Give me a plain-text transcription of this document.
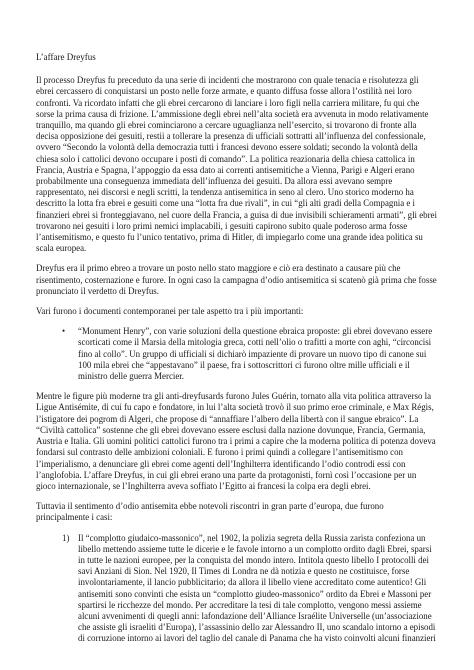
L’affare Dreyfus

Il processo Dreyfus fu preceduto da una serie di incidenti che mostrarono con quale tenacia e risolutezza gli ebrei cercassero di conquistarsi un posto nelle forze armate, e quanto diffusa fosse allora l’ostilità nei loro confronti. Va ricordato infatti che gli ebrei cercarono di lanciare i loro figli nella carriera militare, fu qui che sorse la prima causa di frizione. L’ammissione degli ebrei nell’alta società era avvenuta in modo relativamente tranquillo, ma quando gli ebrei cominciarono a cercare uguaglianza nell’esercito, si trovarono di fronte alla decisa opposizione dei gesuiti, restii a tollerare la presenza di ufficiali sottratti all’influenza del confessionale, ovvero “Secondo la volontà della democrazia tutti i francesi devono essere soldati; secondo la volontà della chiesa solo i cattolici devono occupare i posti di comando”. La politica reazionaria della chiesa cattolica in Francia, Austria e Spagna, l’appoggio da essa dato ai correnti antisemitiche a Vienna, Parigi e Algeri erano probabilmente una conseguenza immediata dell’influenza dei gesuiti. Da allora essi avevano sempre rappresentato, nei discorsi e negli scritti, la tendenza antisemitica in seno al clero. Uno storico moderno ha descritto la lotta fra ebrei e gesuiti come una “lotta fra due rivali”, in cui “gli alti gradi della Compagnia e i finanzieri ebrei si fronteggiavano, nel cuore della Francia, a guisa di due invisibili schieramenti armati”, gli ebrei trovarono nei gesuiti i loro primi nemici implacabili, i gesuiti capirono subito quale poderoso arma fosse l’antisemitismo, e questo fu l’unico tentativo, prima di Hitler, di impiegarlo come una grande idea politica su scala europea.

Dreyfus era il primo ebreo a trovare un posto nello stato maggiore e ciò era destinato a causare più che risentimento, costernazione e furore. In ogni caso la campagna d’odio antisemitica si scatenò già prima che fosse pronunciato il verdetto di Dreyfus.

Vari furono i documenti contemporanei per tale aspetto tra i più importanti:

• “Monument Henry”, con varie soluzioni della questione ebraica proposte: gli ebrei dovevano essere scorticati come il Marsia della mitologia greca, cotti nell’olio o trafitti a morte con aghi, “circoncisi fino al collo”. Un gruppo di ufficiali si dichiarò impaziente di provare un nuovo tipo di canone sui 100 mila ebrei che “appestavano” il paese, fra i sottoscrittori ci furono oltre mille ufficiali e il ministro delle guerra Mercier.

Mentre le figure più moderne tra gli anti-dreyfusards furono Jules Guérin, tornato alla vita politica attraverso la Ligue Antisémite, di cui fu capo e fondatore, in lui l’alta società trovò il suo primo eroe criminale, e Max Régis, l’istigatore dei pogrom di Algeri, che propose di “annaffiare l’albero della libertà con il sangue ebraico”. La “Civiltà cattolica” sostenne che gli ebrei dovevano essere esclusi dalla nazione dovunque, Francia, Germania, Austria e Italia. Gli uomini politici cattolici furono tra i primi a capire che la moderna politica di potenza doveva fondarsi sul contrasto delle ambizioni coloniali. E furono i primi quindi a collegare l’antisemitismo con l’imperialismo, a denunciare gli ebrei come agenti dell’Inghilterra identificando l’odio controdi essi con l’anglofobia. L’affare Dreyfus, in cui gli ebrei erano una parte da protagonisti, fornì così l’occasione per un gioco internazionale, se l’Inghilterra aveva soffiato l’Egitto ai francesi la colpa era degli ebrei.

Tuttavia il sentimento d’odio antisemita ebbe notevoli riscontri in gran parte d’europa, due furono principalmente i casi:

1) Il “complotto giudaico-massonico”, nel 1902, la polizia segreta della Russia zarista confeziona un libello mettendo assieme tutte le dicerie e le favole intorno a un complotto ordito dagli Ebrei, sparsi in tutte le nazioni europee, per la conquista del mondo intero. Intitola questo libello I protocolli dei savi Anziani di Sion. Nel 1920, Il Times di Londra ne dà notizia e questo ne costituisce, forse involontariamente, il lancio pubblicitario; da allora il libello viene accreditato come autentico! Gli antisemiti sono convinti che esista un “complotto giudeo-massonico” ordito da Ebrei e Massoni per spartirsi le ricchezze del mondo. Per accreditare la tesi di tale complotto, vengono messi assieme alcuni avvenimenti di quegli anni: lafondazione dell’Alliance Israélite Universelle (un’associazione che assiste gli israeliti d’Europa), l’assassinio dello zar Alessandro II, uno scandalo intorno a episodi di corruzione intorno ai lavori del taglio del canale di Panama che ha visto coinvolti alcuni finanzieri
